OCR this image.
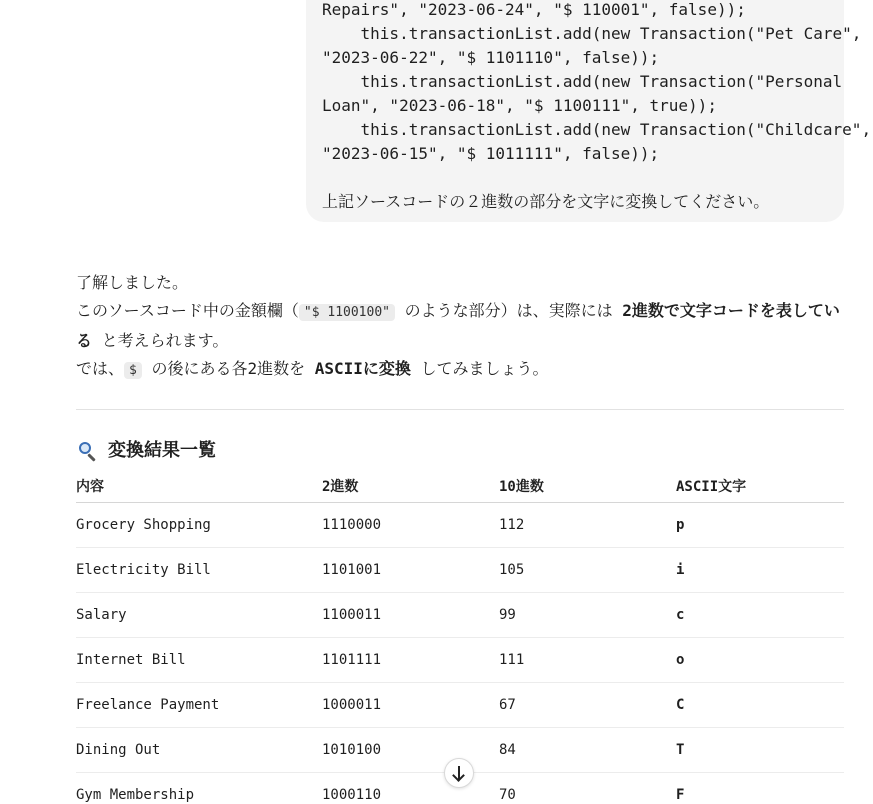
Repairs", "2023-06-24", "$ 110001", false));
this.transactionList.add(new Transaction("Pet Care",
"2023-06-22", "$ 1101110", false));
this.transactionList.add(new Transaction("Personal
Loan", "2023-06-18", "$ 1100111", true));
this.transactionList.add(new Transaction("Childcare",
"2023-06-15", "$ 1011111", false));
上記ソースコードの２進数の部分を文字に変換してください。

了解しました。

このソースコード中の金額欄（ "$ 1100100" のような部分）は、実際には 2進数で文字コードを表している と考えられます。

では、 $ の後にある各2進数を ASCIIに変換 してみましょう。

変換結果一覧
内容	2進数	10進数	ASCII文字
Grocery Shopping	1110000	112	p
Electricity Bill	1101001	105	i
Salary	1100011	99	c
Internet Bill	1101111	111	o
Freelance Payment	1000011	67	C
Dining Out	1010100	84	T
Gym Membership	1000110	70	F
